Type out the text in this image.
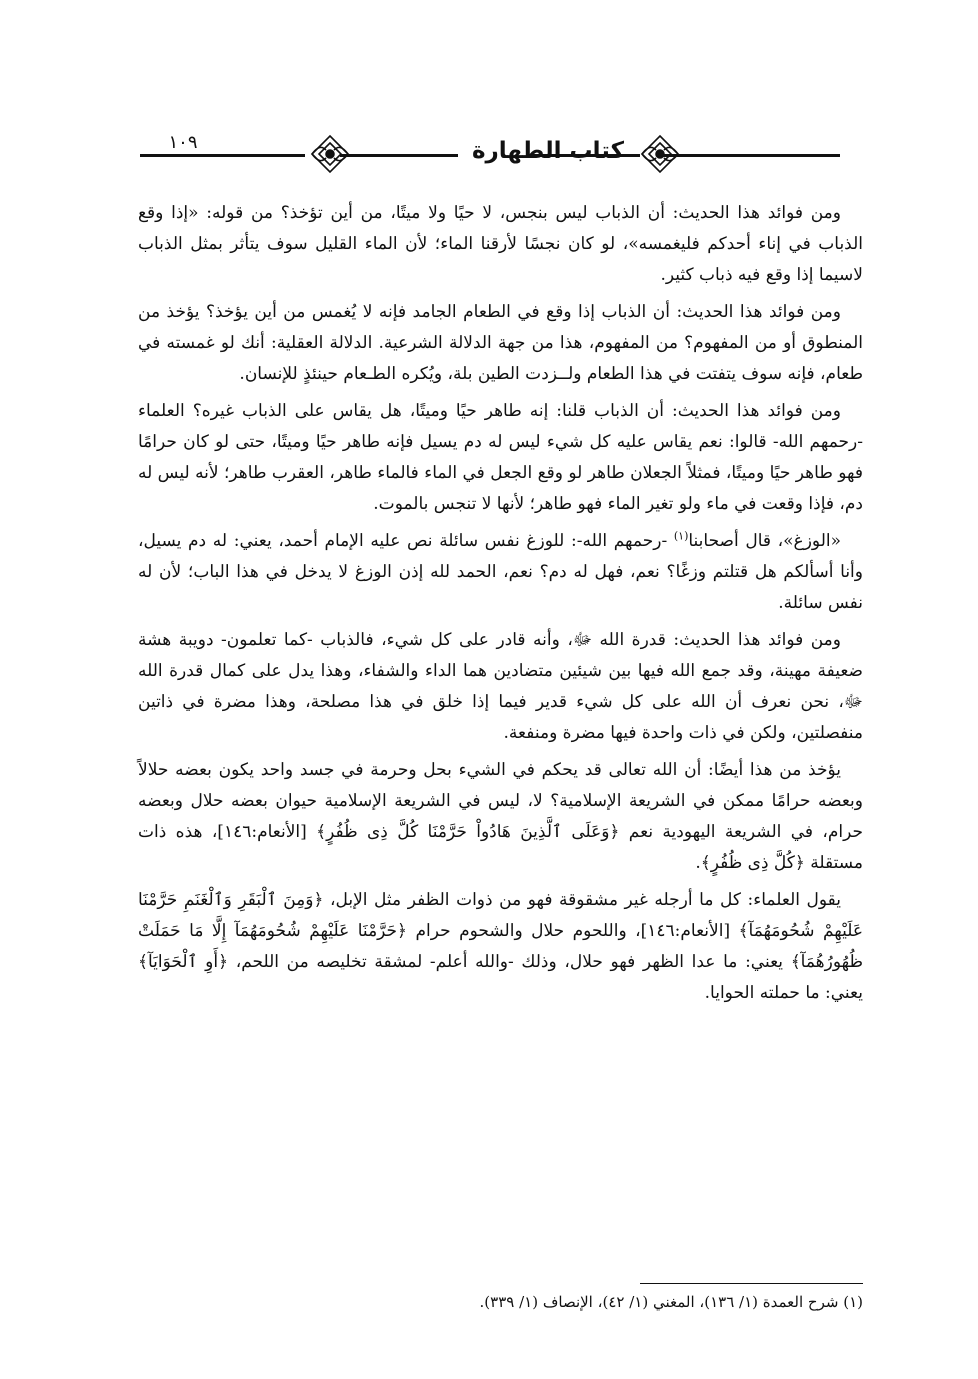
كتاب الطهارة
١٠٩

ومن فوائد هذا الحديث: أن الذباب ليس بنجس، لا حيًا ولا ميتًا، من أين تؤخذ؟ من قوله: «إذا وقع الذباب في إناء أحدكم فليغمسه»، لو كان نجسًا لأرقنا الماء؛ لأن الماء القليل سوف يتأثر بمثل الذباب لاسيما إذا وقع فيه ذباب كثير.

ومن فوائد هذا الحديث: أن الذباب إذا وقع في الطعام الجامد فإنه لا يُغمس من أين يؤخذ؟ يؤخذ من المنطوق أو من المفهوم؟ من المفهوم، هذا من جهة الدلالة الشرعية. الدلالة العقلية: أنك لو غمسته في طعام، فإنه سوف يتفتت في هذا الطعام ولــزدت الطين بلة، ويُكره الطـعام حينئذٍ للإنسان.

ومن فوائد هذا الحديث: أن الذباب قلنا: إنه طاهر حيًا وميتًا، هل يقاس على الذباب غيره؟ العلماء -رحمهم الله- قالوا: نعم يقاس عليه كل شيء ليس له دم يسيل فإنه طاهر حيًا وميتًا، حتى لو كان حرامًا فهو طاهر حيًا وميتًا، فمثلاً الجعلان طاهر لو وقع الجعل في الماء فالماء طاهر، العقرب طاهر؛ لأنه ليس له دم، فإذا وقعت في ماء ولو تغير الماء فهو طاهر؛ لأنها لا تنجس بالموت.

«الوزغ»، قال أصحابنا$^{(١)}$ -رحمهم الله-: للوزغ نفس سائلة نص عليه الإمام أحمد، يعني: له دم يسيل، وأنا أسألكم هل قتلتم وزغًا؟ نعم، فهل له دم؟ نعم، الحمد لله إذن الوزغ لا يدخل في هذا الباب؛ لأن له نفس سائلة.

ومن فوائد هذا الحديث: قدرة الله ﷻ، وأنه قادر على كل شيء، فالذباب -كما تعلمون- دويبة هشة ضعيفة مهينة، وقد جمع الله فيها بين شيئين متضادين هما الداء والشفاء، وهذا يدل على كمال قدرة الله ﷻ، نحن نعرف أن الله على كل شيء قدير فيما إذا خلق في هذا مصلحة، وهذا مضرة في ذاتين منفصلتين، ولكن في ذات واحدة فيها مضرة ومنفعة.

يؤخذ من هذا أيضًا: أن الله تعالى قد يحكم في الشيء بحل وحرمة في جسد واحد يكون بعضه حلالاً وبعضه حرامًا ممكن في الشريعة الإسلامية؟ لا، ليس في الشريعة الإسلامية حيوان بعضه حلال وبعضه حرام، في الشريعة اليهودية نعم ﴿وَعَلَى ٱلَّذِينَ هَادُواْ حَرَّمْنَا كُلَّ ذِى ظُفُرٍ﴾ [الأنعام:١٤٦]، هذه ذات مستقلة ﴿كُلَّ ذِى ظُفُرٍ﴾.

يقول العلماء: كل ما أرجله غير مشقوقة فهو من ذوات الظفر مثل الإبل، ﴿وَمِنَ ٱلْبَقَرِ وَٱلْغَنَمِ حَرَّمْنَا عَلَيْهِمْ شُحُومَهُمَآ﴾ [الأنعام:١٤٦]، واللحوم حلال والشحوم حرام ﴿حَرَّمْنَا عَلَيْهِمْ شُحُومَهُمَآ إِلَّا مَا حَمَلَتْ ظُهُورُهُمَآ﴾ يعني: ما عدا الظهر فهو حلال، وذلك -والله أعلم- لمشقة تخليصه من اللحم، ﴿أَوِ ٱلْحَوَايَآ﴾ يعني: ما حملته الحوايا.

(١) شرح العمدة (١/ ١٣٦)، المغني (١/ ٤٢)، الإنصاف (١/ ٣٣٩).
